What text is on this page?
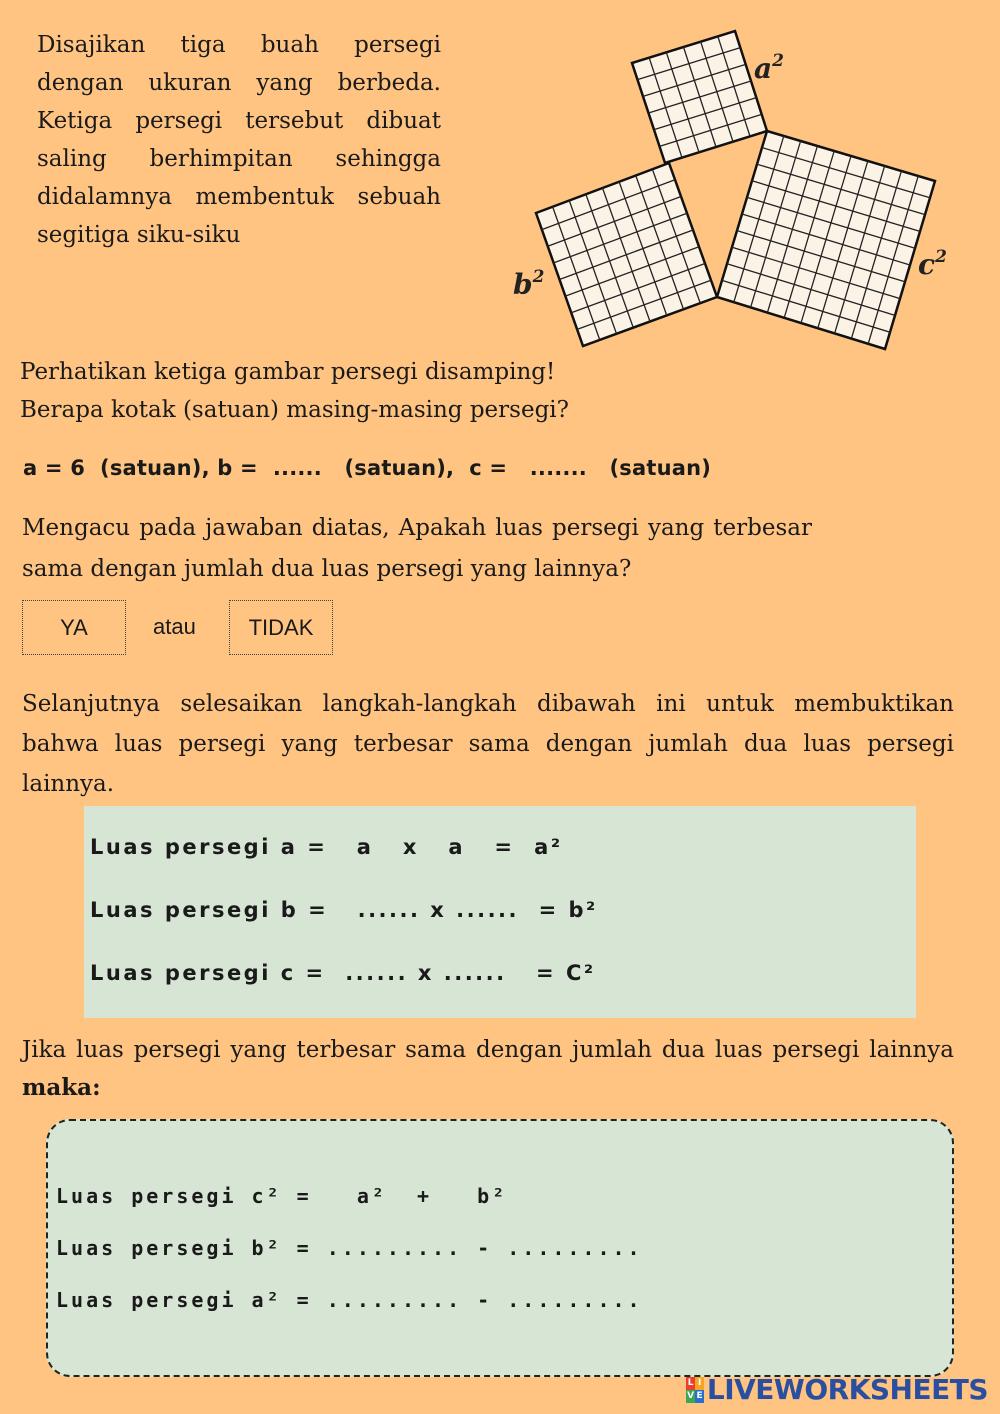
Disajikan tiga buah persegi dengan ukuran yang berbeda. Ketiga persegi tersebut dibuat saling berhimpitan sehingga didalamnya membentuk sebuah segitiga siku-siku
$a^2$
$b^2$	$c^2$
Perhatikan ketiga gambar persegi disamping!
Berapa kotak (satuan) masing-masing persegi?
a = 6  (satuan), b =  ......   (satuan),  c =   .......   (satuan)
Mengacu pada jawaban diatas, Apakah luas persegi yang terbesar sama dengan jumlah dua luas persegi yang lainnya?
YA	atau	TIDAK
Selanjutnya selesaikan langkah-langkah dibawah ini untuk membuktikan bahwa luas persegi yang terbesar sama dengan jumlah dua luas persegi lainnya.
Luas persegi a =   a   x   a   =  a²
Luas persegi b =   ...... x ......  = b²
Luas persegi c =  ...... x ......   = C²
Jika luas persegi yang terbesar sama dengan jumlah dua luas persegi lainnya maka:
Luas persegi c² =   a²  +   b²
Luas persegi b² = ......... - .........
Luas persegi a² = ......... - .........
L I
V E LIVEWORKSHEETS
